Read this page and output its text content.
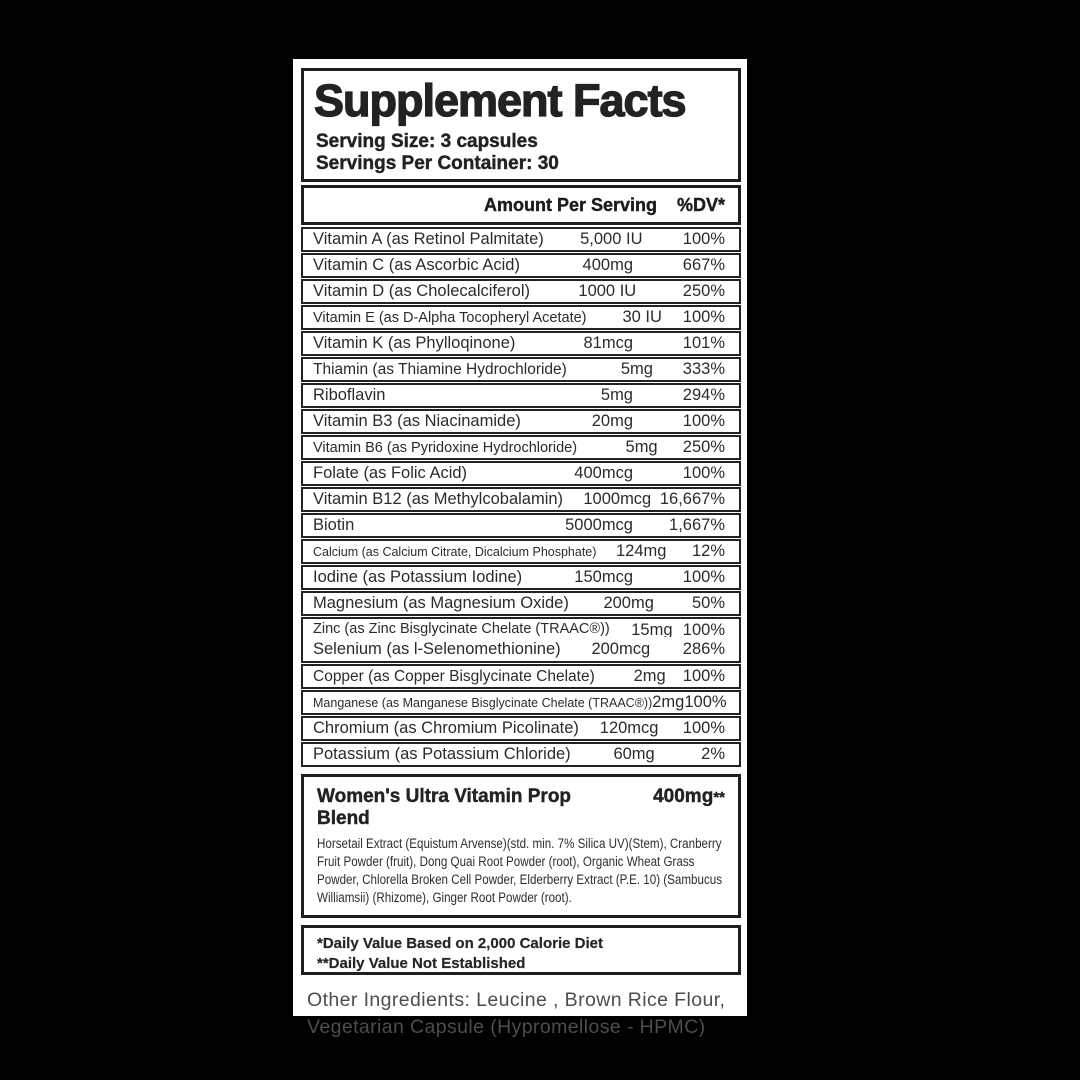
Supplement Facts
Serving Size: 3 capsules
Servings Per Container: 30
Amount Per Serving	%DV*
Vitamin A (as Retinol Palmitate)	5,000 IU	100%
Vitamin C (as Ascorbic Acid)	400mg	667%
Vitamin D (as Cholecalciferol)	1000 IU	250%
Vitamin E (as D-Alpha Tocopheryl Acetate)	30 IU	100%
Vitamin K (as Phylloqinone)	81mcg	101%
Thiamin (as Thiamine Hydrochloride)	5mg	333%
Riboflavin	5mg	294%
Vitamin B3 (as Niacinamide)	20mg	100%
Vitamin B6 (as Pyridoxine Hydrochloride)	5mg	250%
Folate (as Folic Acid)	400mcg	100%
Vitamin B12 (as Methylcobalamin)	1000mcg 16,667%
Biotin	5000mcg	1,667%
Calcium (as Calcium Citrate, Dicalcium Phosphate)	124mg	12%
Iodine (as Potassium Iodine)	150mcg	100%
Magnesium (as Magnesium Oxide)	200mg	50%
Zinc (as Zinc Bisglycinate Chelate (TRAAC®))	15mg 100%
Selenium (as l-Selenomethionine)	200mcg	286%
Copper (as Copper Bisglycinate Chelate)	2mg	100%
Manganese (as Manganese Bisglycinate Chelate (TRAAC®)) 2mg 100%
Chromium (as Chromium Picolinate)	120mcg	100%
Potassium (as Potassium Chloride)	60mg	2%
Women's Ultra Vitamin Prop Blend
400mg **
Horsetail Extract (Equistum Arvense)(std. min. 7% Silica UV)(Stem), Cranberry Fruit Powder (fruit), Dong Quai Root Powder (root), Organic Wheat Grass Powder, Chlorella Broken Cell Powder, Elderberry Extract (P.E. 10) (Sambucus Williamsii) (Rhizome), Ginger Root Powder (root).
*Daily Value Based on 2,000 Calorie Diet
**Daily Value Not Established
Other Ingredients: Leucine , Brown Rice Flour,
Vegetarian Capsule (Hypromellose - HPMC)
